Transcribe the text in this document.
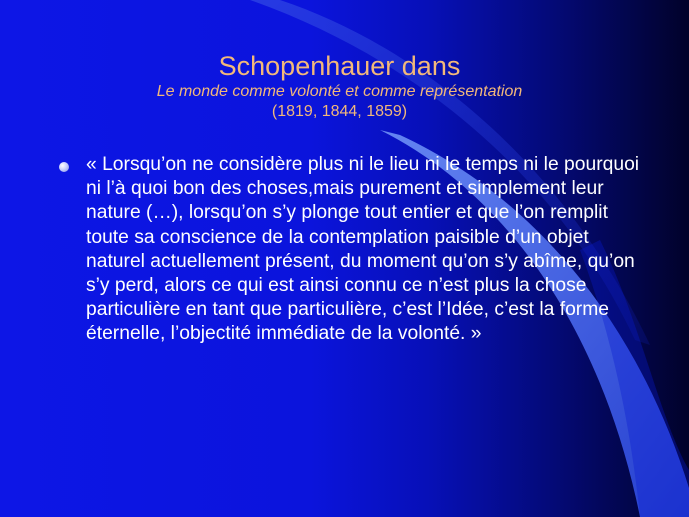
Schopenhauer dans
Le monde comme volonté et comme représentation
(1819, 1844, 1859)

« Lorsqu’on ne considère plus ni le lieu ni le temps ni le pourquoi ni l’à quoi bon des choses,mais purement et simplement leur nature (…), lorsqu’on s’y plonge tout entier et que l’on remplit toute sa conscience de la contemplation paisible d’un objet naturel actuellement présent, du moment qu’on s’y abîme, qu’on s’y perd, alors ce qui est ainsi connu ce n’est plus la chose particulière en tant que particulière, c’est l’Idée, c’est la forme éternelle, l’objectité immédiate de la volonté. »
